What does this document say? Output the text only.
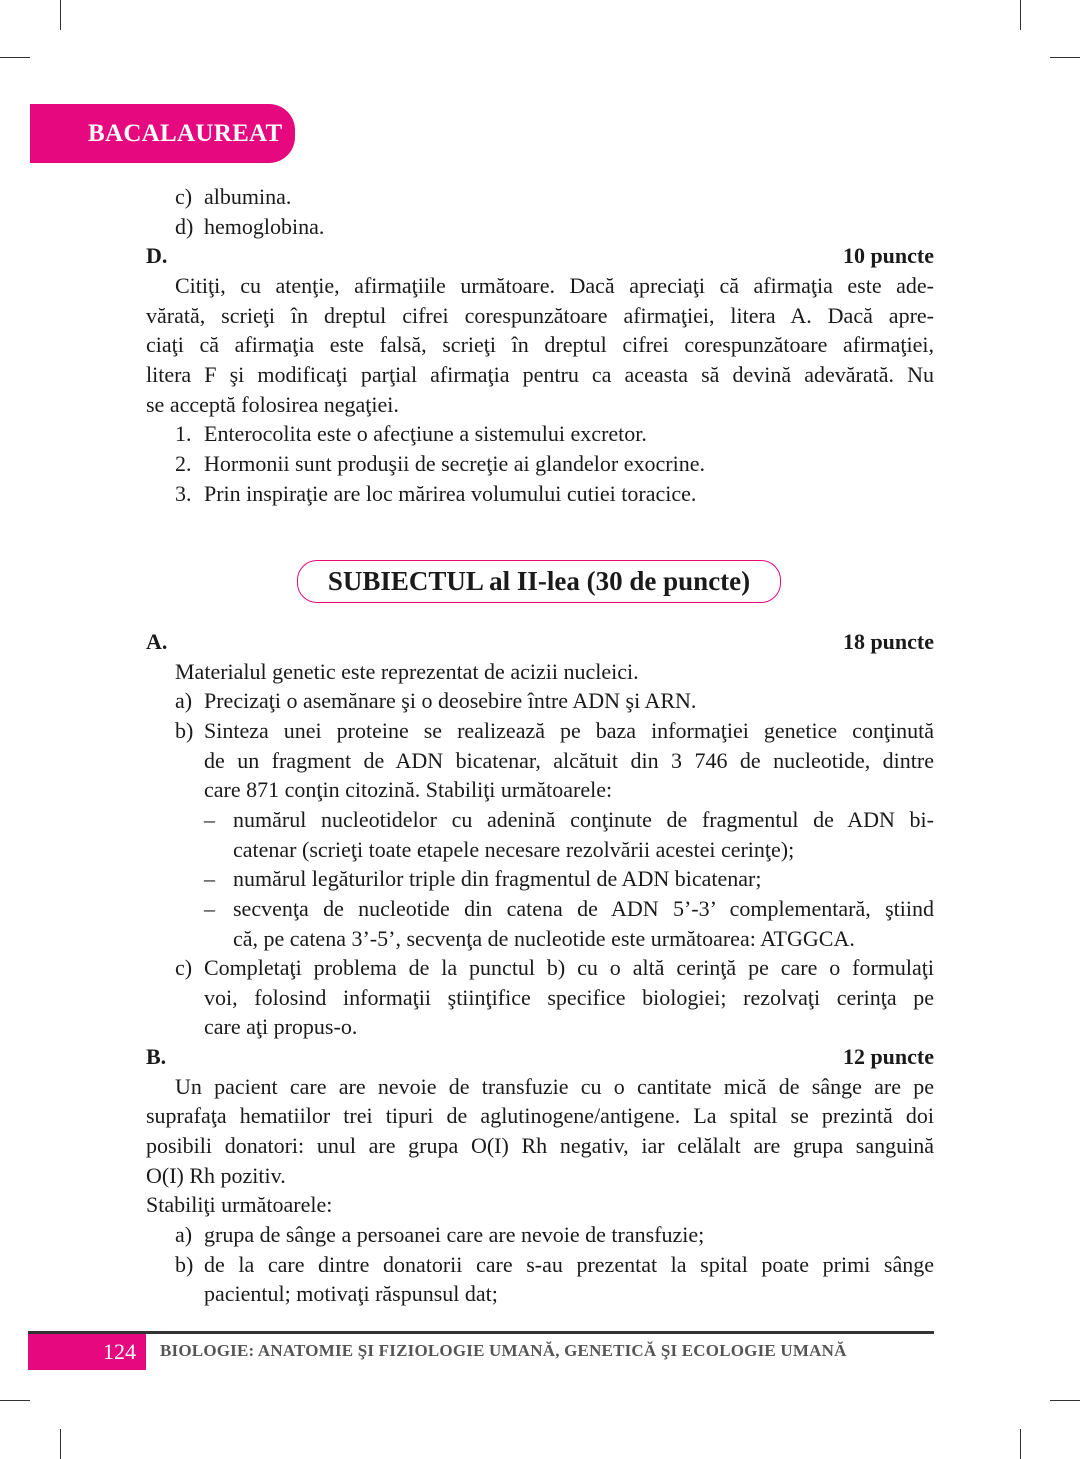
BACALAUREAT
c) albumina.
d) hemoglobina.
D.	10 puncte
Citiţi, cu atenţie, afirmaţiile următoare. Dacă apreciaţi că afirmaţia este ade-
vărată, scrieţi în dreptul cifrei corespunzătoare afirmaţiei, litera A. Dacă apre-
ciaţi că afirmaţia este falsă, scrieţi în dreptul cifrei corespunzătoare afirmaţiei,
litera F şi modificaţi parţial afirmaţia pentru ca aceasta să devină adevărată. Nu
se acceptă folosirea negaţiei.
1. Enterocolita este o afecţiune a sistemului excretor.
2. Hormonii sunt produşii de secreţie ai glandelor exocrine.
3. Prin inspiraţie are loc mărirea volumului cutiei toracice.
SUBIECTUL al II-lea (30 de puncte)
A.	18 puncte
Materialul genetic este reprezentat de acizii nucleici.
a) Precizaţi o asemănare şi o deosebire între ADN şi ARN.
b) Sinteza unei proteine se realizează pe baza informaţiei genetice conţinută
de un fragment de ADN bicatenar, alcătuit din 3 746 de nucleotide, dintre
care 871 conţin citozină. Stabiliţi următoarele:
– numărul nucleotidelor cu adenină conţinute de fragmentul de ADN bi-
catenar (scrieţi toate etapele necesare rezolvării acestei cerinţe);
– numărul legăturilor triple din fragmentul de ADN bicatenar;
– secvenţa de nucleotide din catena de ADN 5’-3’ complementară, ştiind
că, pe catena 3’-5’, secvenţa de nucleotide este următoarea: ATGGCA.
c) Completaţi problema de la punctul b) cu o altă cerinţă pe care o formulaţi
voi, folosind informaţii ştiinţifice specifice biologiei; rezolvaţi cerinţa pe
care aţi propus-o.
B.	12 puncte
Un pacient care are nevoie de transfuzie cu o cantitate mică de sânge are pe
suprafaţa hematiilor trei tipuri de aglutinogene/antigene. La spital se prezintă doi
posibili donatori: unul are grupa O(I) Rh negativ, iar celălalt are grupa sanguină
O(I) Rh pozitiv.
Stabiliţi următoarele:
a) grupa de sânge a persoanei care are nevoie de transfuzie;
b) de la care dintre donatorii care s-au prezentat la spital poate primi sânge
pacientul; motivaţi răspunsul dat;
124	BIOLOGIE: ANATOMIE ŞI FIZIOLOGIE UMANĂ, GENETICĂ ŞI ECOLOGIE UMANĂ
